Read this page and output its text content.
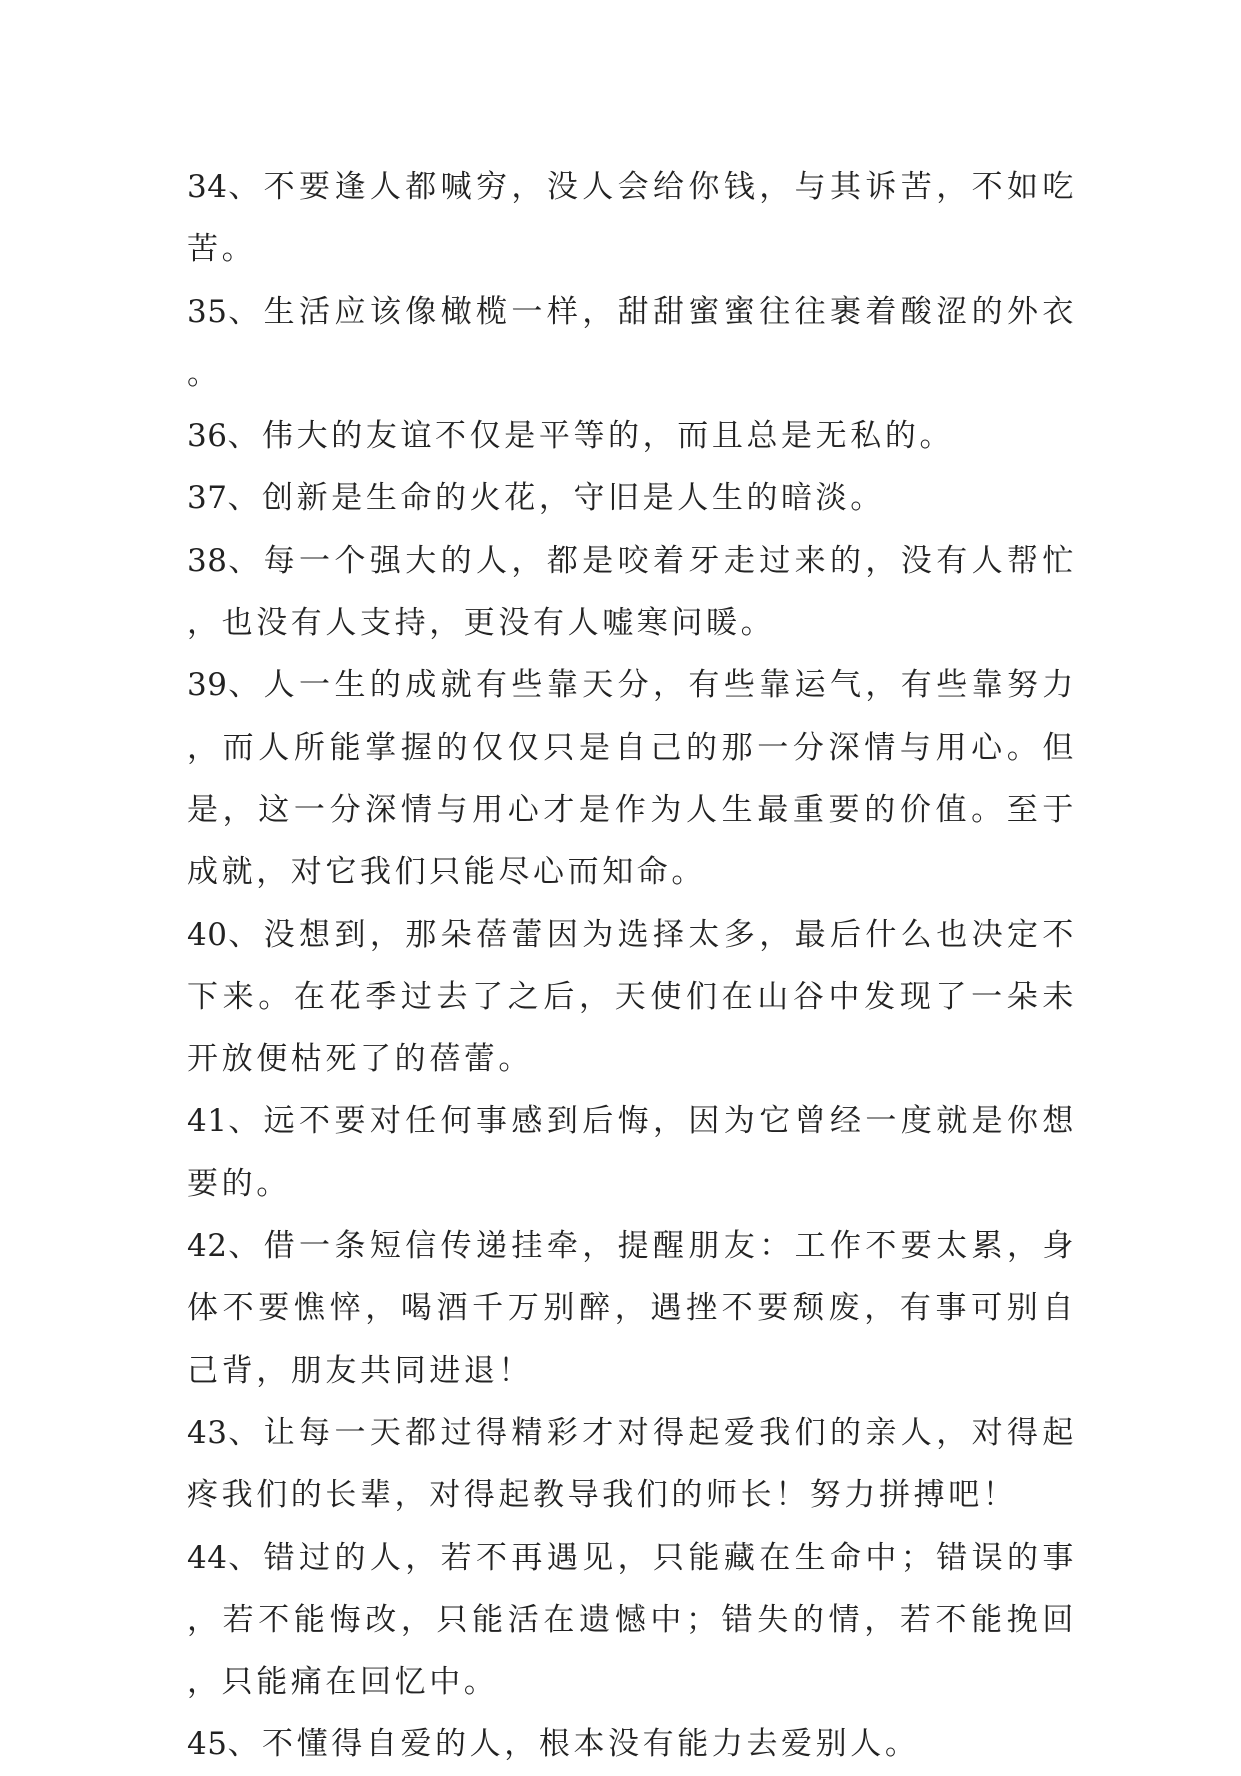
34、不要逢人都喊穷，没人会给你钱，与其诉苦，不如吃苦。

35、生活应该像橄榄一样，甜甜蜜蜜往往裹着酸涩的外衣。

36、伟大的友谊不仅是平等的，而且总是无私的。

37、创新是生命的火花，守旧是人生的暗淡。

38、每一个强大的人，都是咬着牙走过来的，没有人帮忙，也没有人支持，更没有人嘘寒问暖。

39、人一生的成就有些靠天分，有些靠运气，有些靠努力，而人所能掌握的仅仅只是自己的那一分深情与用心。但是，这一分深情与用心才是作为人生最重要的价值。至于成就，对它我们只能尽心而知命。

40、没想到，那朵蓓蕾因为选择太多，最后什么也决定不下来。在花季过去了之后，天使们在山谷中发现了一朵未开放便枯死了的蓓蕾。

41、远不要对任何事感到后悔，因为它曾经一度就是你想要的。

42、借一条短信传递挂牵，提醒朋友：工作不要太累，身体不要憔悴，喝酒千万别醉，遇挫不要颓废，有事可别自己背，朋友共同进退！

43、让每一天都过得精彩才对得起爱我们的亲人，对得起疼我们的长辈，对得起教导我们的师长！努力拼搏吧！

44、错过的人，若不再遇见，只能藏在生命中；错误的事，若不能悔改，只能活在遗憾中；错失的情，若不能挽回，只能痛在回忆中。

45、不懂得自爱的人，根本没有能力去爱别人。
